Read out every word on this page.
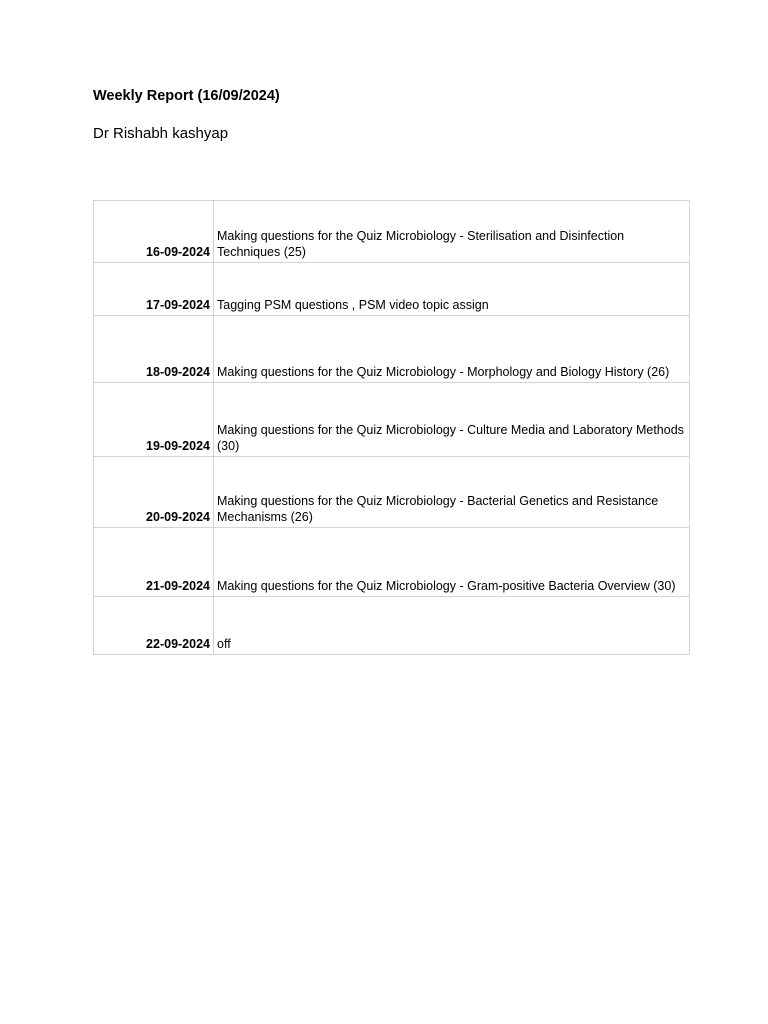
Weekly Report (16/09/2024)

Dr Rishabh kashyap

16-09-2024	Making questions for the Quiz Microbiology - Sterilisation and Disinfection Techniques (25)
17-09-2024	Tagging PSM questions , PSM video topic assign
18-09-2024	Making questions for the Quiz Microbiology - Morphology and Biology History (26)
19-09-2024	Making questions for the Quiz Microbiology - Culture Media and Laboratory Methods (30)
20-09-2024	Making questions for the Quiz Microbiology - Bacterial Genetics and Resistance Mechanisms (26)
21-09-2024	Making questions for the Quiz Microbiology - Gram-positive Bacteria Overview (30)
22-09-2024	off
